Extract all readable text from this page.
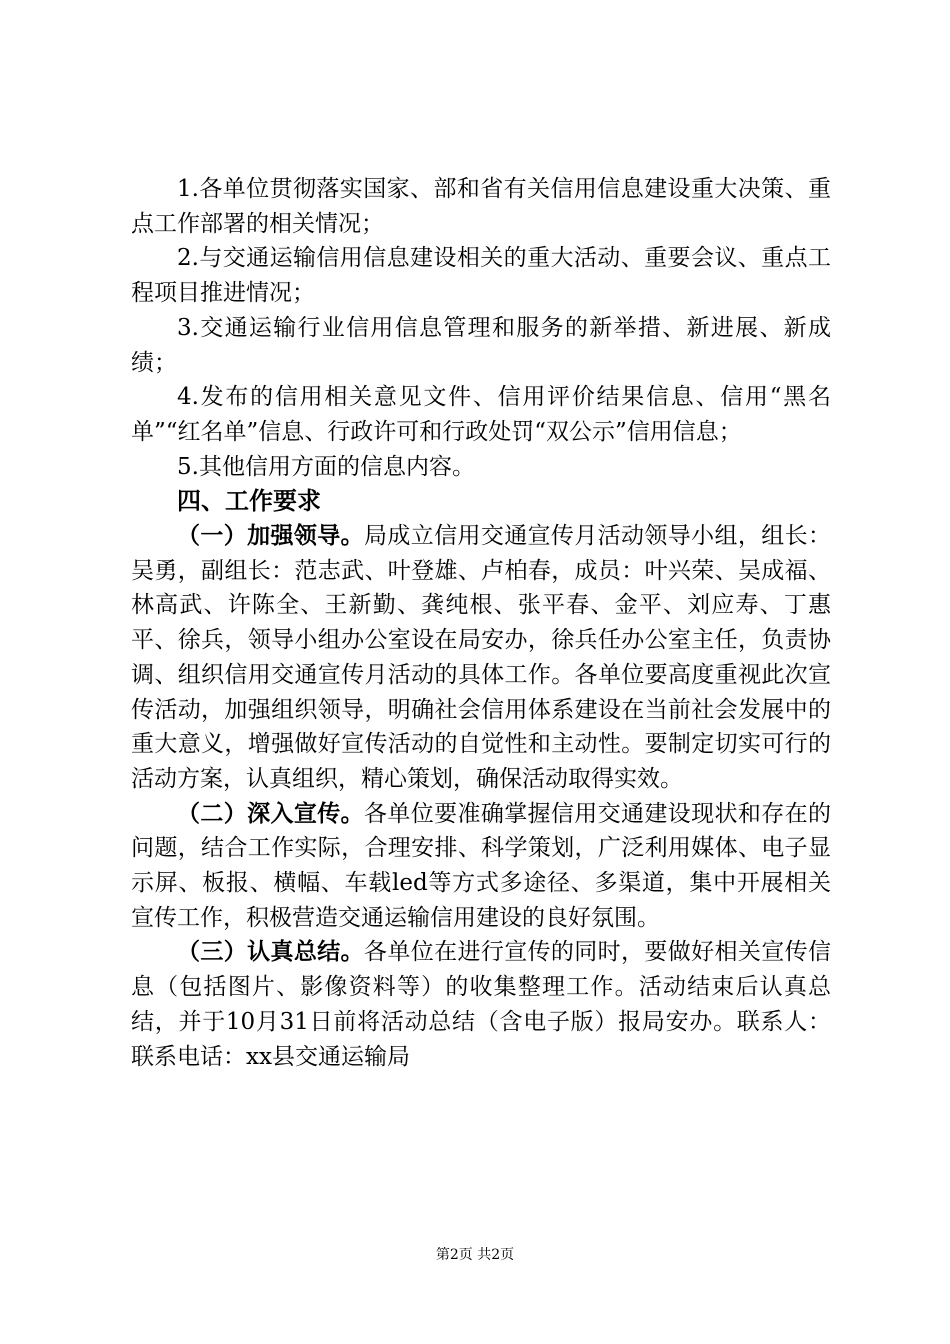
1.各单位贯彻落实国家、部和省有关信用信息建设重大决策、重点工作部署的相关情况；

2.与交通运输信用信息建设相关的重大活动、重要会议、重点工程项目推进情况；

3.交通运输行业信用信息管理和服务的新举措、新进展、新成绩；

4.发布的信用相关意见文件、信用评价结果信息、信用“黑名单”“红名单”信息、行政许可和行政处罚“双公示”信用信息；

5.其他信用方面的信息内容。

四、工作要求

（一）加强领导。局成立信用交通宣传月活动领导小组，组长：吴勇，副组长：范志武、叶登雄、卢柏春，成员：叶兴荣、吴成福、林高武、许陈全、王新勤、龚纯根、张平春、金平、刘应寿、丁惠平、徐兵，领导小组办公室设在局安办，徐兵任办公室主任，负责协调、组织信用交通宣传月活动的具体工作。各单位要高度重视此次宣传活动，加强组织领导，明确社会信用体系建设在当前社会发展中的重大意义，增强做好宣传活动的自觉性和主动性。要制定切实可行的活动方案，认真组织，精心策划，确保活动取得实效。

（二）深入宣传。各单位要准确掌握信用交通建设现状和存在的问题，结合工作实际，合理安排、科学策划，广泛利用媒体、电子显示屏、板报、横幅、车载led等方式多途径、多渠道，集中开展相关宣传工作，积极营造交通运输信用建设的良好氛围。

（三）认真总结。各单位在进行宣传的同时，要做好相关宣传信息（包括图片、影像资料等）的收集整理工作。活动结束后认真总结，并于10月31日前将活动总结（含电子版）报局安办。联系人：联系电话：xx县交通运输局

第2页 共2页
